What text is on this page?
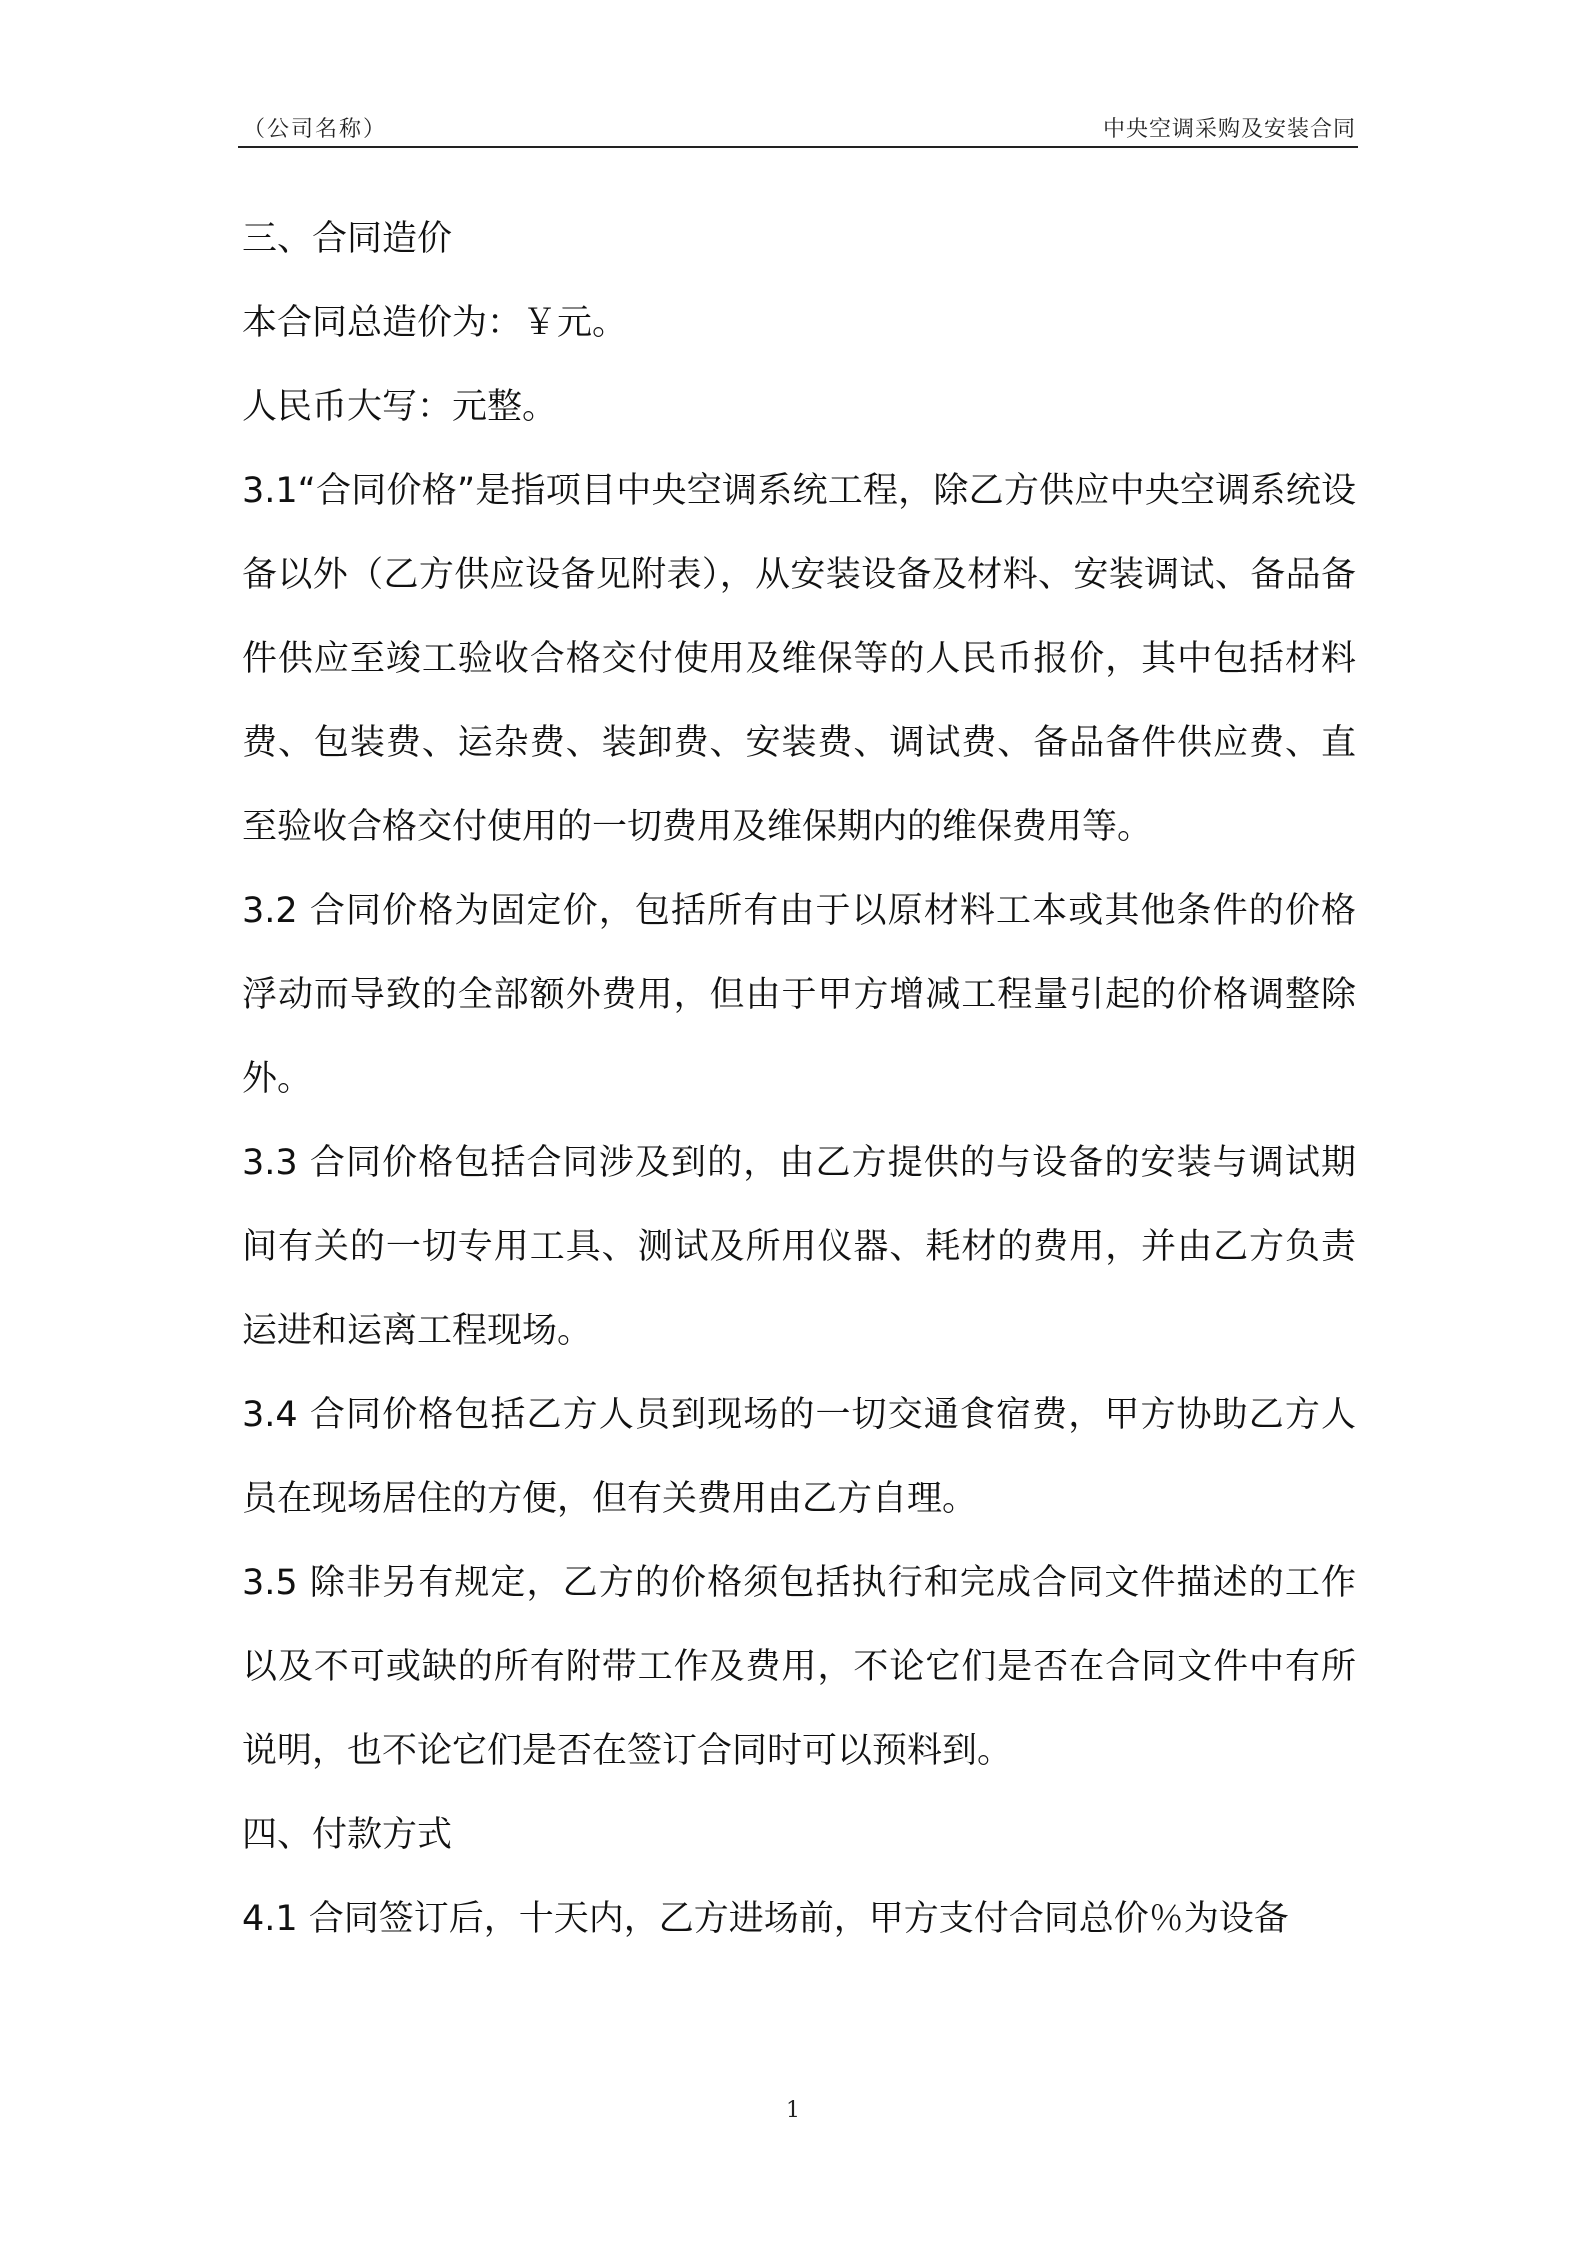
（公司名称）	中央空调采购及安装合同

三、合同造价

本合同总造价为：￥元。

人民币大写：元整。

3.1“合同价格”是指项目中央空调系统工程，除乙方供应中央空调系统设备以外（乙方供应设备见附表），从安装设备及材料、安装调试、备品备件供应至竣工验收合格交付使用及维保等的人民币报价，其中包括材料费、包装费、运杂费、装卸费、安装费、调试费、备品备件供应费、直至验收合格交付使用的一切费用及维保期内的维保费用等。

3.2 合同价格为固定价，包括所有由于以原材料工本或其他条件的价格浮动而导致的全部额外费用，但由于甲方增减工程量引起的价格调整除外。

3.3 合同价格包括合同涉及到的，由乙方提供的与设备的安装与调试期间有关的一切专用工具、测试及所用仪器、耗材的费用，并由乙方负责运进和运离工程现场。

3.4 合同价格包括乙方人员到现场的一切交通食宿费，甲方协助乙方人员在现场居住的方便，但有关费用由乙方自理。

3.5 除非另有规定，乙方的价格须包括执行和完成合同文件描述的工作以及不可或缺的所有附带工作及费用，不论它们是否在合同文件中有所说明，也不论它们是否在签订合同时可以预料到。

四、付款方式

4.1 合同签订后，十天内，乙方进场前，甲方支付合同总价％为设备

1
